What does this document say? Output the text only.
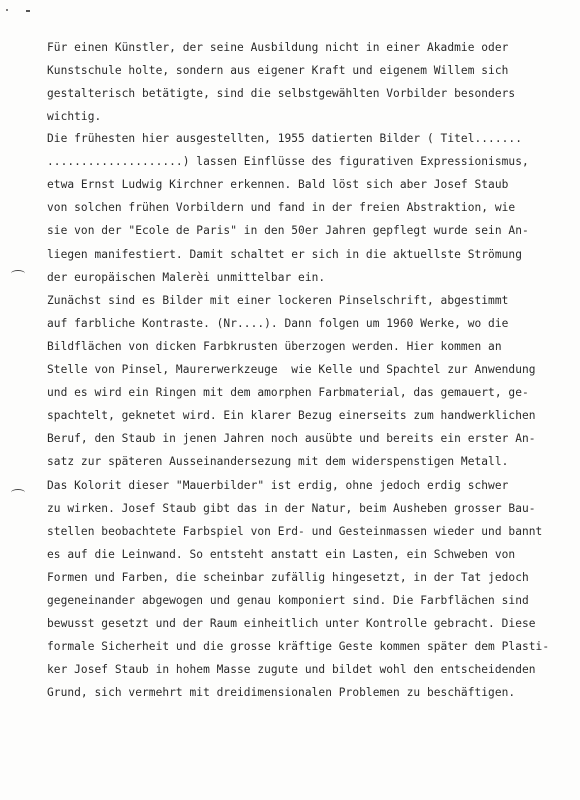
Für einen Künstler, der seine Ausbildung nicht in einer Akadmie oder
Kunstschule holte, sondern aus eigener Kraft und eigenem Willem sich
gestalterisch betätigte, sind die selbstgewählten Vorbilder besonders
wichtig.
Die frühesten hier ausgestellten, 1955 datierten Bilder ( Titel.......
....................) lassen Einflüsse des figurativen Expressionismus,
etwa Ernst Ludwig Kirchner erkennen. Bald löst sich aber Josef Staub
von solchen frühen Vorbildern und fand in der freien Abstraktion, wie
sie von der "Ecole de Paris" in den 50er Jahren gepflegt wurde sein An-
liegen manifestiert. Damit schaltet er sich in die aktuellste Strömung
der europäischen Malerèi unmittelbar ein.
Zunächst sind es Bilder mit einer lockeren Pinselschrift, abgestimmt
auf farbliche Kontraste. (Nr....). Dann folgen um 1960 Werke, wo die
Bildflächen von dicken Farbkrusten überzogen werden. Hier kommen an
Stelle von Pinsel, Maurerwerkzeuge  wie Kelle und Spachtel zur Anwendung
und es wird ein Ringen mit dem amorphen Farbmaterial, das gemauert, ge-
spachtelt, geknetet wird. Ein klarer Bezug einerseits zum handwerklichen
Beruf, den Staub in jenen Jahren noch ausübte und bereits ein erster An-
satz zur späteren Ausseinandersezung mit dem widerspenstigen Metall.
Das Kolorit dieser "Mauerbilder" ist erdig, ohne jedoch erdig schwer
zu wirken. Josef Staub gibt das in der Natur, beim Ausheben grosser Bau-
stellen beobachtete Farbspiel von Erd- und Gesteinmassen wieder und bannt
es auf die Leinwand. So entsteht anstatt ein Lasten, ein Schweben von
Formen und Farben, die scheinbar zufällig hingesetzt, in der Tat jedoch
gegeneinander abgewogen und genau komponiert sind. Die Farbflächen sind
bewusst gesetzt und der Raum einheitlich unter Kontrolle gebracht. Diese
formale Sicherheit und die grosse kräftige Geste kommen später dem Plasti-
ker Josef Staub in hohem Masse zugute und bildet wohl den entscheidenden
Grund, sich vermehrt mit dreidimensionalen Problemen zu beschäftigen.
